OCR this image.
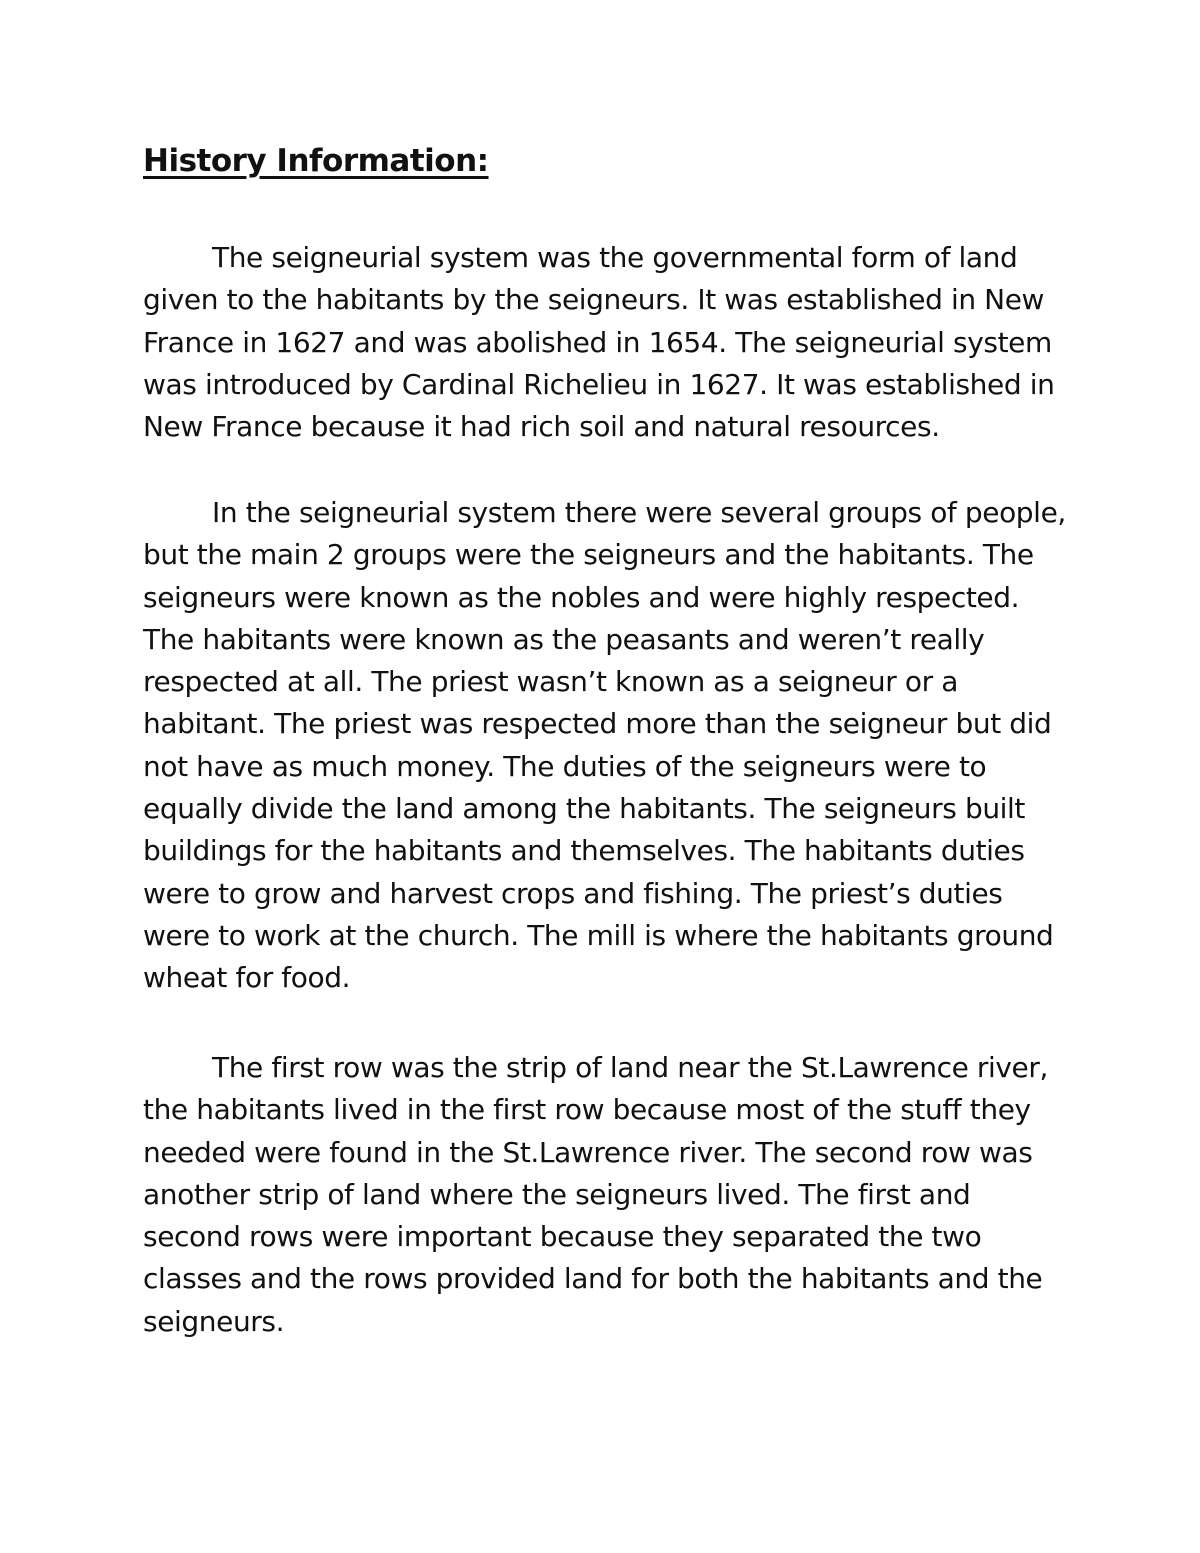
History Information:

The seigneurial system was the governmental form of land given to the habitants by the seigneurs. It was established in New France in 1627 and was abolished in 1654. The seigneurial system was introduced by Cardinal Richelieu in 1627. It was established in New France because it had rich soil and natural resources.

In the seigneurial system there were several groups of people, but the main 2 groups were the seigneurs and the habitants. The seigneurs were known as the nobles and were highly respected. The habitants were known as the peasants and weren’t really respected at all. The priest wasn’t known as a seigneur or a habitant. The priest was respected more than the seigneur but did not have as much money. The duties of the seigneurs were to equally divide the land among the habitants. The seigneurs built buildings for the habitants and themselves. The habitants duties were to grow and harvest crops and fishing. The priest’s duties were to work at the church. The mill is where the habitants ground wheat for food.

The first row was the strip of land near the St.Lawrence river, the habitants lived in the first row because most of the stuff they needed were found in the St.Lawrence river. The second row was another strip of land where the seigneurs lived. The first and second rows were important because they separated the two classes and the rows provided land for both the habitants and the seigneurs.
